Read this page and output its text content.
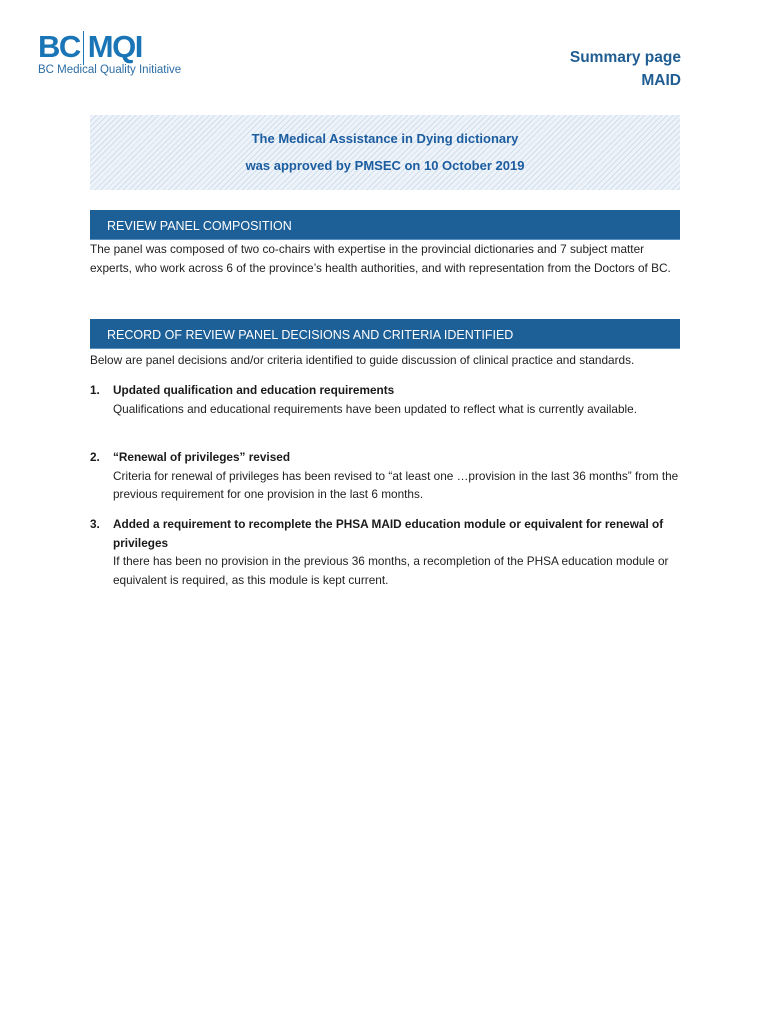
BC MQI
BC Medical Quality Initiative
Summary page
MAID
The Medical Assistance in Dying dictionary
was approved by PMSEC on 10 October 2019
REVIEW PANEL COMPOSITION
The panel was composed of two co-chairs with expertise in the provincial dictionaries and 7 subject matter experts, who work across 6 of the province’s health authorities, and with representation from the Doctors of BC.
RECORD OF REVIEW PANEL DECISIONS AND CRITERIA IDENTIFIED
Below are panel decisions and/or criteria identified to guide discussion of clinical practice and standards.
1. Updated qualification and education requirements
Qualifications and educational requirements have been updated to reflect what is currently available.
2. “Renewal of privileges” revised
Criteria for renewal of privileges has been revised to “at least one …provision in the last 36 months” from the previous requirement for one provision in the last 6 months.
3. Added a requirement to recomplete the PHSA MAID education module or equivalent for renewal of privileges
If there has been no provision in the previous 36 months, a recompletion of the PHSA education module or equivalent is required, as this module is kept current.
